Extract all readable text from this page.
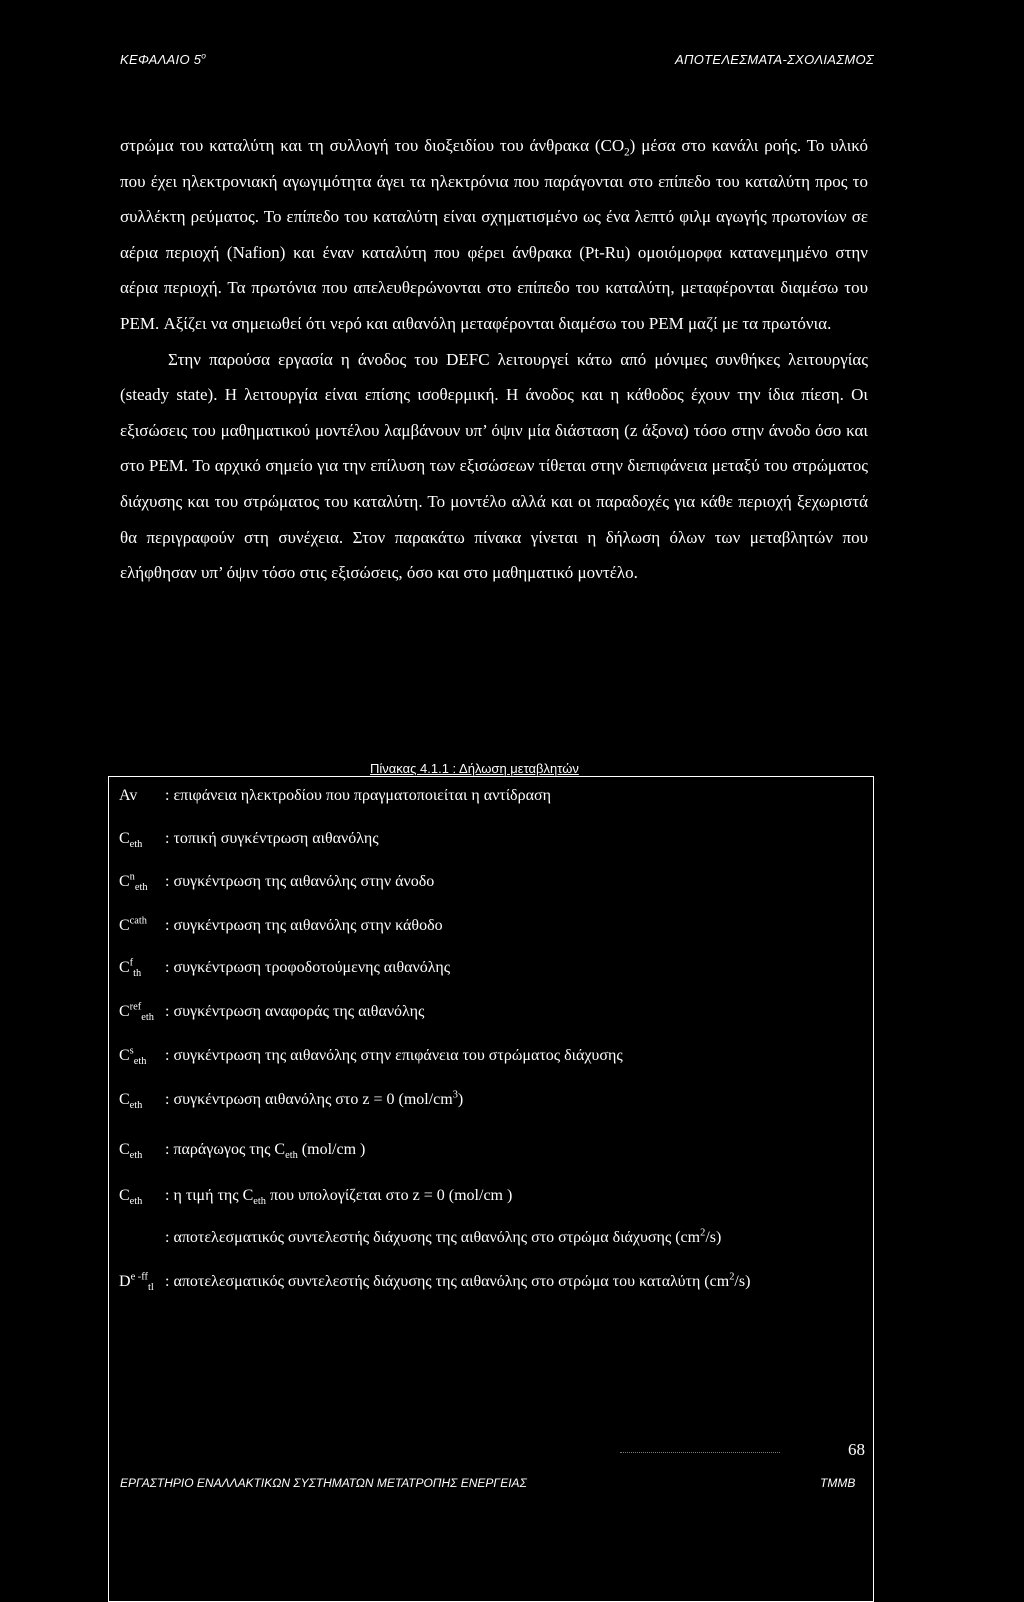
ΚΕΦΑΛΑΙΟ $5^o$	ΑΠΟΤΕΛΕΣΜΑΤΑ-ΣΧΟΛΙΑΣΜΟΣ

στρώμα του καταλύτη και τη συλλογή του διοξειδίου του άνθρακα $(CO_2)$ μέσα στο κανάλι ροής. Το υλικό που έχει ηλεκτρονιακή αγωγιμότητα άγει τα ηλεκτρόνια που παράγονται στο επίπεδο του καταλύτη προς το συλλέκτη ρεύματος. Το επίπεδο του καταλύτη είναι σχηματισμένο ως ένα λεπτό φιλμ αγωγής πρωτονίων σε αέρια περιοχή (Nafion) και έναν καταλύτη που φέρει άνθρακα (Pt-Ru) ομοιόμορφα κατανεμημένο στην αέρια περιοχή. Τα πρωτόνια που απελευθερώνονται στο επίπεδο του καταλύτη, μεταφέρονται διαμέσω του PEM. Αξίζει να σημειωθεί ότι νερό και αιθανόλη μεταφέρονται διαμέσω του PEM μαζί με τα πρωτόνια.

Στην παρούσα εργασία η άνοδος του DEFC λειτουργεί κάτω από μόνιμες συνθήκες λειτουργίας (steady state). Η λειτουργία είναι επίσης ισοθερμική. Η άνοδος και η κάθοδος έχουν την ίδια πίεση. Οι εξισώσεις του μαθηματικού μοντέλου λαμβάνουν υπ’ όψιν μία διάσταση (z άξονα) τόσο στην άνοδο όσο και στο PEM. Το αρχικό σημείο για την επίλυση των εξισώσεων τίθεται στην διεπιφάνεια μεταξύ του στρώματος διάχυσης και του στρώματος του καταλύτη. Το μοντέλο αλλά και οι παραδοχές για κάθε περιοχή ξεχωριστά θα περιγραφούν στη συνέχεια. Στον παρακάτω πίνακα γίνεται η δήλωση όλων των μεταβλητών που ελήφθησαν υπ’ όψιν τόσο στις εξισώσεις, όσο και στο μαθηματικό μοντέλο.

Πίνακας 4.1.1 : Δήλωση μεταβλητών
Av : επιφάνεια ηλεκτροδίου που πραγματοποιείται η αντίδραση
$C_{eth}$ : τοπική συγκέντρωση αιθανόλης
$C^n_{eth}$ : συγκέντρωση της αιθανόλης στην άνοδο
$C^{cath}$ : συγκέντρωση της αιθανόλης στην κάθοδο
$C^f_{th}$ : συγκέντρωση τροφοδοτούμενης αιθανόλης
$C^{ref}_{eth}$ : συγκέντρωση αναφοράς της αιθανόλης
$C^s_{eth}$ : συγκέντρωση της αιθανόλης στην επιφάνεια του στρώματος διάχυσης
$C_{eth}$ : συγκέντρωση αιθανόλης στο z = 0 $(mol/cm^3)$
$C_{eth}$ : παράγωγος της $C_{eth}$ (mol/cm )
$C_{eth}$ : η τιμή της $C_{eth}$ που υπολογίζεται στο z = 0 (mol/cm )
: αποτελεσματικός συντελεστής διάχυσης της αιθανόλης στο στρώμα διάχυσης $(cm^2/s)$
$D^{e -ff}_{tl}$ : αποτελεσματικός συντελεστής διάχυσης της αιθανόλης στο στρώμα του καταλύτη $(cm^2/s)$
68
ΕΡΓΑΣΤΗΡΙΟ ΕΝΑΛΛΑΚΤΙΚΩΝ ΣΥΣΤΗΜΑΤΩΝ ΜΕΤΑΤΡΟΠΗΣ ΕΝΕΡΓΕΙΑΣ	ΤΜΜΒ
